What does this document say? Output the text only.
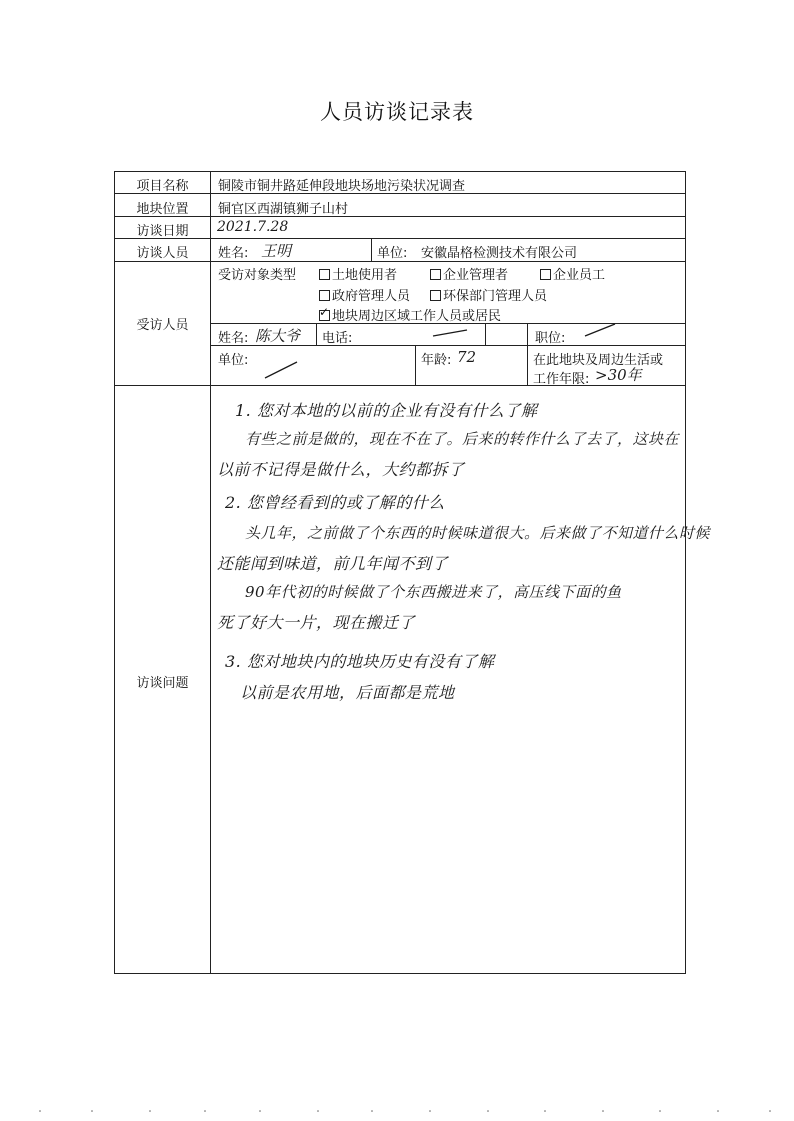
人员访谈记录表
项目名称	铜陵市铜井路延伸段地块场地污染状况调查
地块位置	铜官区西湖镇狮子山村
访谈日期	2021.7.28
访谈人员	姓名: 王明	单位: 安徽晶格检测技术有限公司
受访人员
受访对象类型	土地使用者	企业管理者	企业员工
政府管理人员	环保部门管理人员
✓ 地块周边区域工作人员或居民
姓名: 陈大爷 电话:	职位:
单位:	年龄: 72	在此地块及周边生活或
工作年限: >30年
访谈问题
1. 您对本地的以前的企业有没有什么了解
有些之前是做的，现在不在了。后来的转作什么了去了，这块在
以前不记得是做什么，大约都拆了
2. 您曾经看到的或了解的什么
头几年，之前做了个东西的时候味道很大。后来做了不知道什么时候
还能闻到味道，前几年闻不到了
90年代初的时候做了个东西搬进来了，高压线下面的鱼
死了好大一片，现在搬迁了
3. 您对地块内的地块历史有没有了解
以前是农用地，后面都是荒地
